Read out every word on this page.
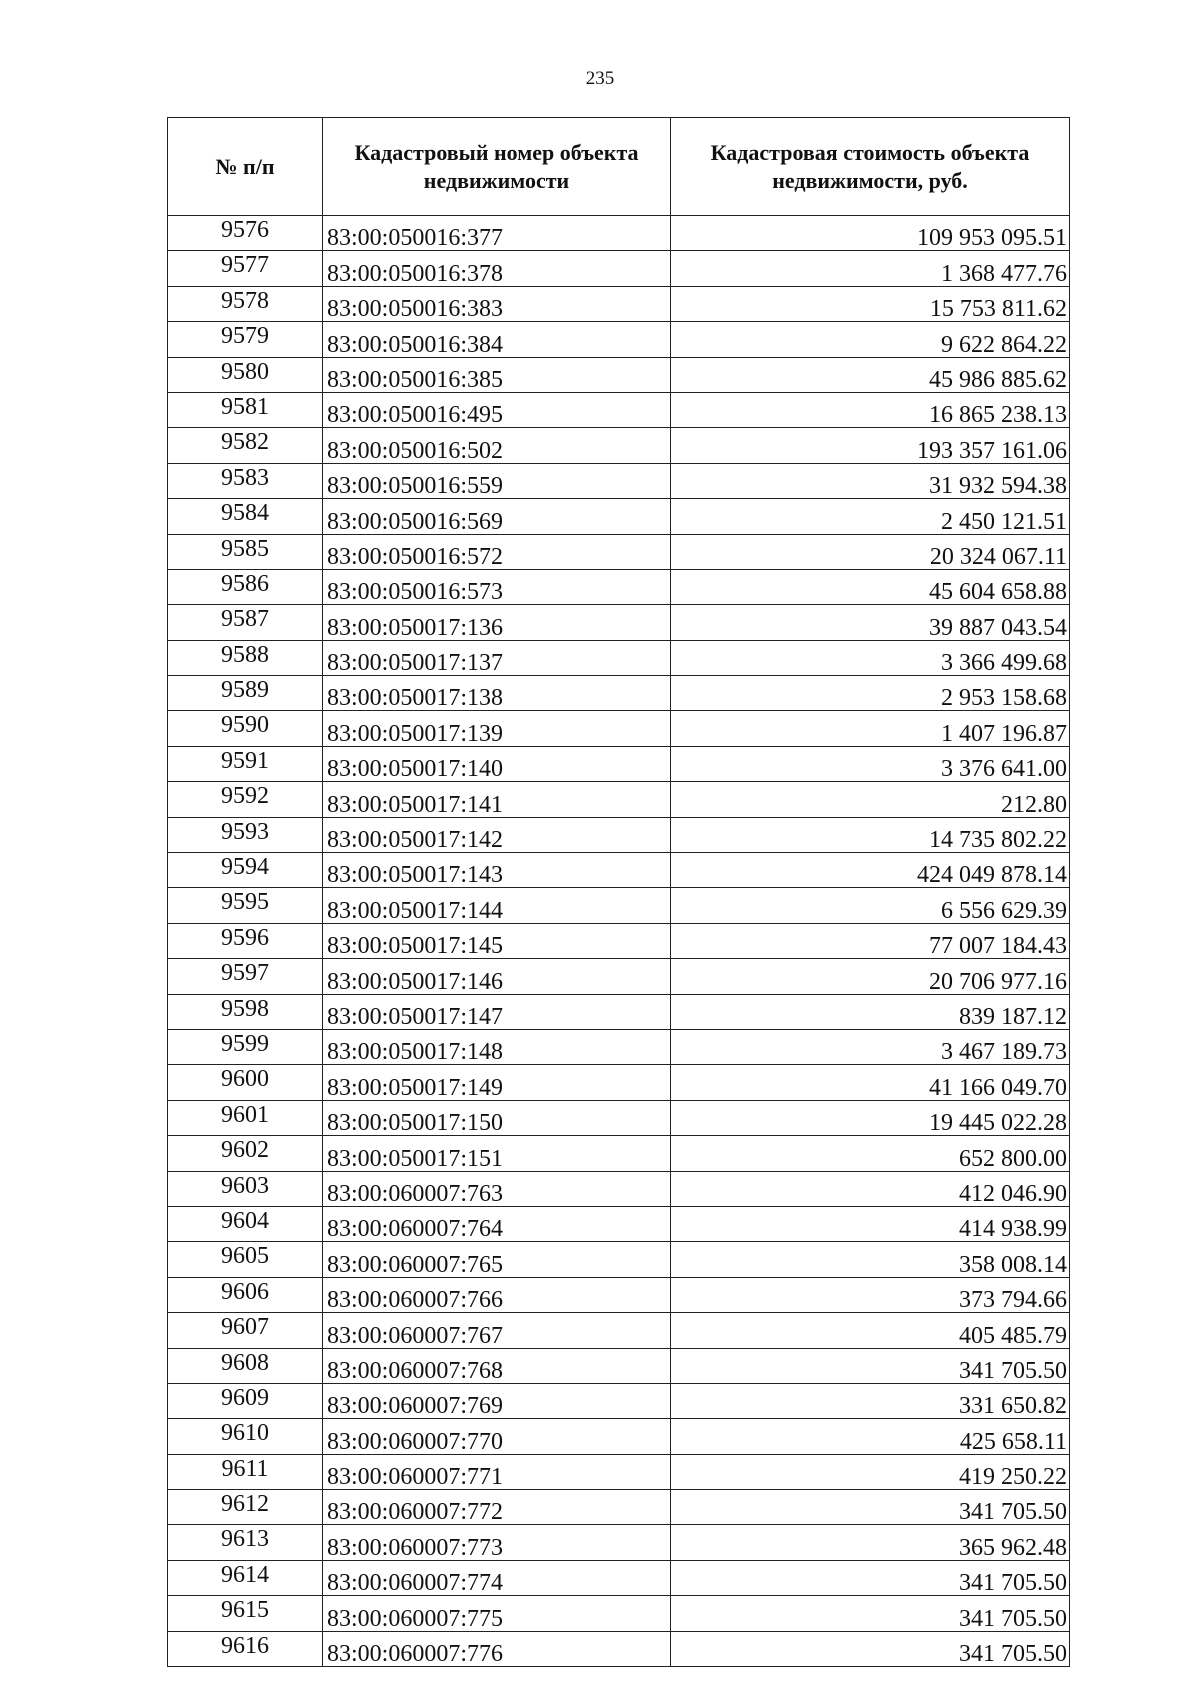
235
№ п/п	Кадастровый номер объекта недвижимости	Кадастровая стоимость объекта недвижимости, руб.
9576	83:00:050016:377	109 953 095.51
9577	83:00:050016:378	1 368 477.76
9578	83:00:050016:383	15 753 811.62
9579	83:00:050016:384	9 622 864.22
9580	83:00:050016:385	45 986 885.62
9581	83:00:050016:495	16 865 238.13
9582	83:00:050016:502	193 357 161.06
9583	83:00:050016:559	31 932 594.38
9584	83:00:050016:569	2 450 121.51
9585	83:00:050016:572	20 324 067.11
9586	83:00:050016:573	45 604 658.88
9587	83:00:050017:136	39 887 043.54
9588	83:00:050017:137	3 366 499.68
9589	83:00:050017:138	2 953 158.68
9590	83:00:050017:139	1 407 196.87
9591	83:00:050017:140	3 376 641.00
9592	83:00:050017:141	212.80
9593	83:00:050017:142	14 735 802.22
9594	83:00:050017:143	424 049 878.14
9595	83:00:050017:144	6 556 629.39
9596	83:00:050017:145	77 007 184.43
9597	83:00:050017:146	20 706 977.16
9598	83:00:050017:147	839 187.12
9599	83:00:050017:148	3 467 189.73
9600	83:00:050017:149	41 166 049.70
9601	83:00:050017:150	19 445 022.28
9602	83:00:050017:151	652 800.00
9603	83:00:060007:763	412 046.90
9604	83:00:060007:764	414 938.99
9605	83:00:060007:765	358 008.14
9606	83:00:060007:766	373 794.66
9607	83:00:060007:767	405 485.79
9608	83:00:060007:768	341 705.50
9609	83:00:060007:769	331 650.82
9610	83:00:060007:770	425 658.11
9611	83:00:060007:771	419 250.22
9612	83:00:060007:772	341 705.50
9613	83:00:060007:773	365 962.48
9614	83:00:060007:774	341 705.50
9615	83:00:060007:775	341 705.50
9616	83:00:060007:776	341 705.50
